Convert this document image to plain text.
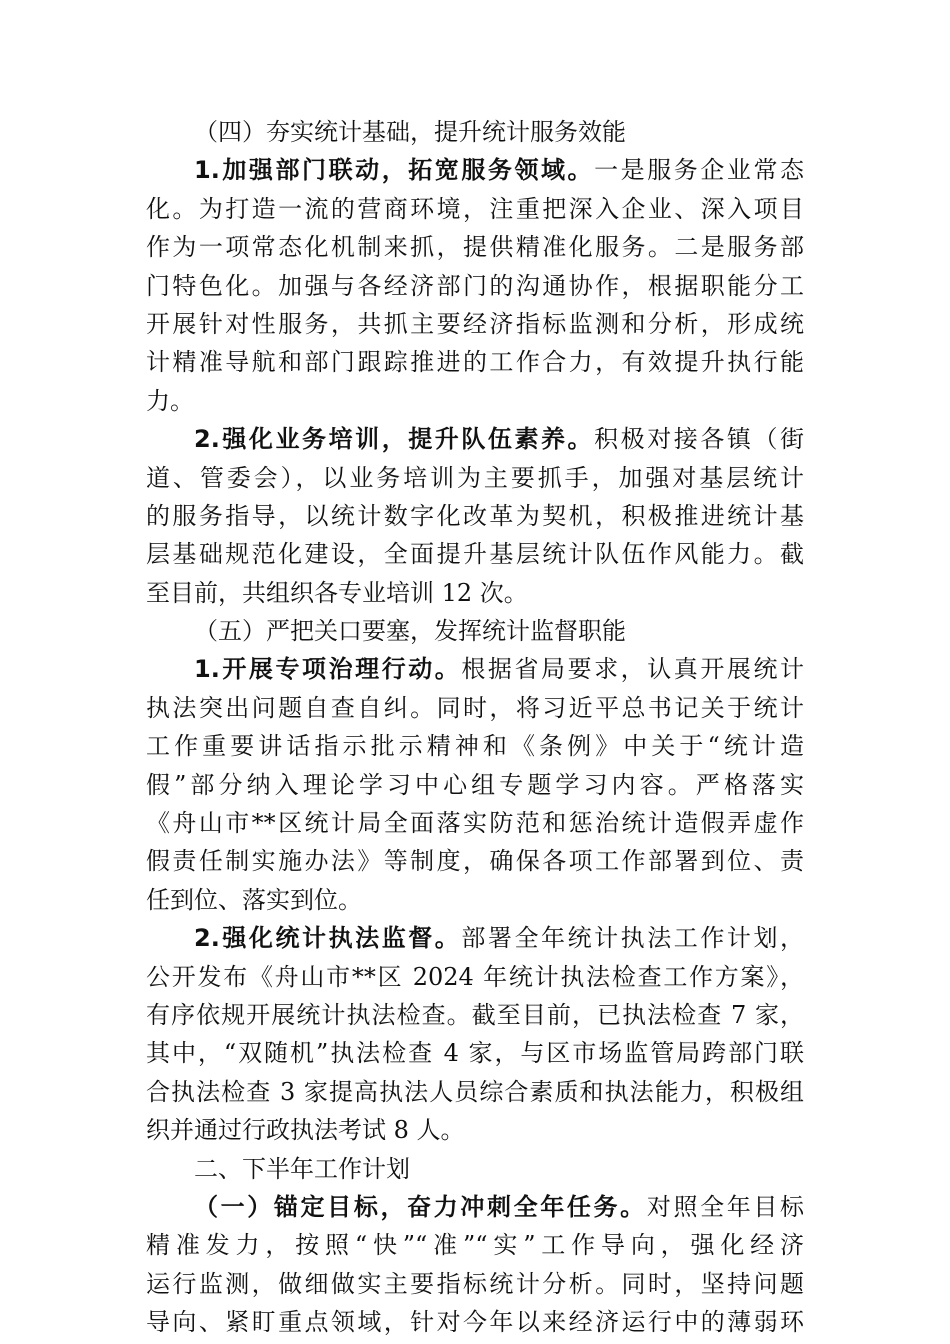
（四）夯实统计基础，提升统计服务效能
1.加强部门联动，拓宽服务领域。一是服务企业常态
化。为打造一流的营商环境，注重把深入企业、深入项目
作为一项常态化机制来抓，提供精准化服务。二是服务部
门特色化。加强与各经济部门的沟通协作，根据职能分工
开展针对性服务，共抓主要经济指标监测和分析，形成统
计精准导航和部门跟踪推进的工作合力，有效提升执行能
力。
2.强化业务培训，提升队伍素养。积极对接各镇（街
道、管委会），以业务培训为主要抓手，加强对基层统计
的服务指导，以统计数字化改革为契机，积极推进统计基
层基础规范化建设，全面提升基层统计队伍作风能力。截
至目前，共组织各专业培训 12 次。
（五）严把关口要塞，发挥统计监督职能
1.开展专项治理行动。根据省局要求，认真开展统计
执法突出问题自查自纠。同时，将习近平总书记关于统计
工作重要讲话指示批示精神和《条例》中关于“统计造
假”部分纳入理论学习中心组专题学习内容。严格落实
《舟山市**区统计局全面落实防范和惩治统计造假弄虚作
假责任制实施办法》等制度，确保各项工作部署到位、责
任到位、落实到位。
2.强化统计执法监督。部署全年统计执法工作计划，
公开发布《舟山市**区 2024 年统计执法检查工作方案》，
有序依规开展统计执法检查。截至目前，已执法检查 7 家，
其中，“双随机”执法检查 4 家，与区市场监管局跨部门联
合执法检查 3 家提高执法人员综合素质和执法能力，积极组
织并通过行政执法考试 8 人。
二、下半年工作计划
（一）锚定目标，奋力冲刺全年任务。对照全年目标
精准发力，按照“快”“准”“实”工作导向，强化经济
运行监测，做细做实主要指标统计分析。同时，坚持问题
导向、紧盯重点领域，针对今年以来经济运行中的薄弱环
